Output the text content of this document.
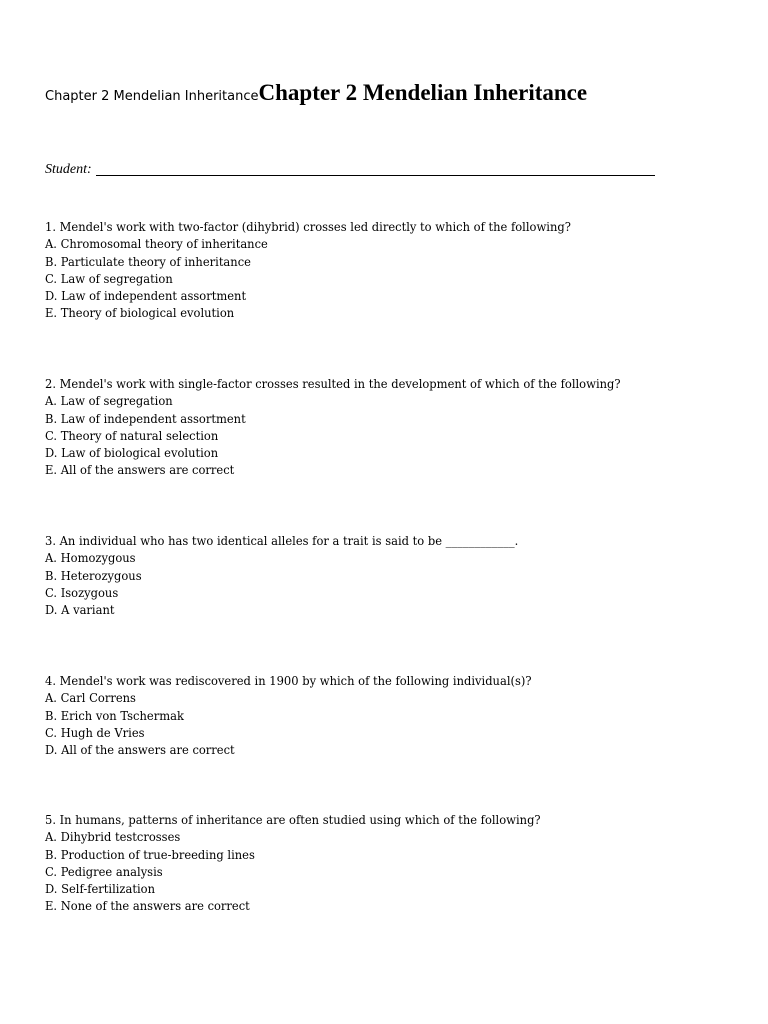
Chapter 2 Mendelian InheritanceChapter 2 Mendelian Inheritance
Student:
1. Mendel's work with two-factor (dihybrid) crosses led directly to which of the following?
A. Chromosomal theory of inheritance
B. Particulate theory of inheritance
C. Law of segregation
D. Law of independent assortment
E. Theory of biological evolution
2. Mendel's work with single-factor crosses resulted in the development of which of the following?
A. Law of segregation
B. Law of independent assortment
C. Theory of natural selection
D. Law of biological evolution
E. All of the answers are correct
3. An individual who has two identical alleles for a trait is said to be ____________.
A. Homozygous
B. Heterozygous
C. Isozygous
D. A variant
4. Mendel's work was rediscovered in 1900 by which of the following individual(s)?
A. Carl Correns
B. Erich von Tschermak
C. Hugh de Vries
D. All of the answers are correct
5. In humans, patterns of inheritance are often studied using which of the following?
A. Dihybrid testcrosses
B. Production of true-breeding lines
C. Pedigree analysis
D. Self-fertilization
E. None of the answers are correct
